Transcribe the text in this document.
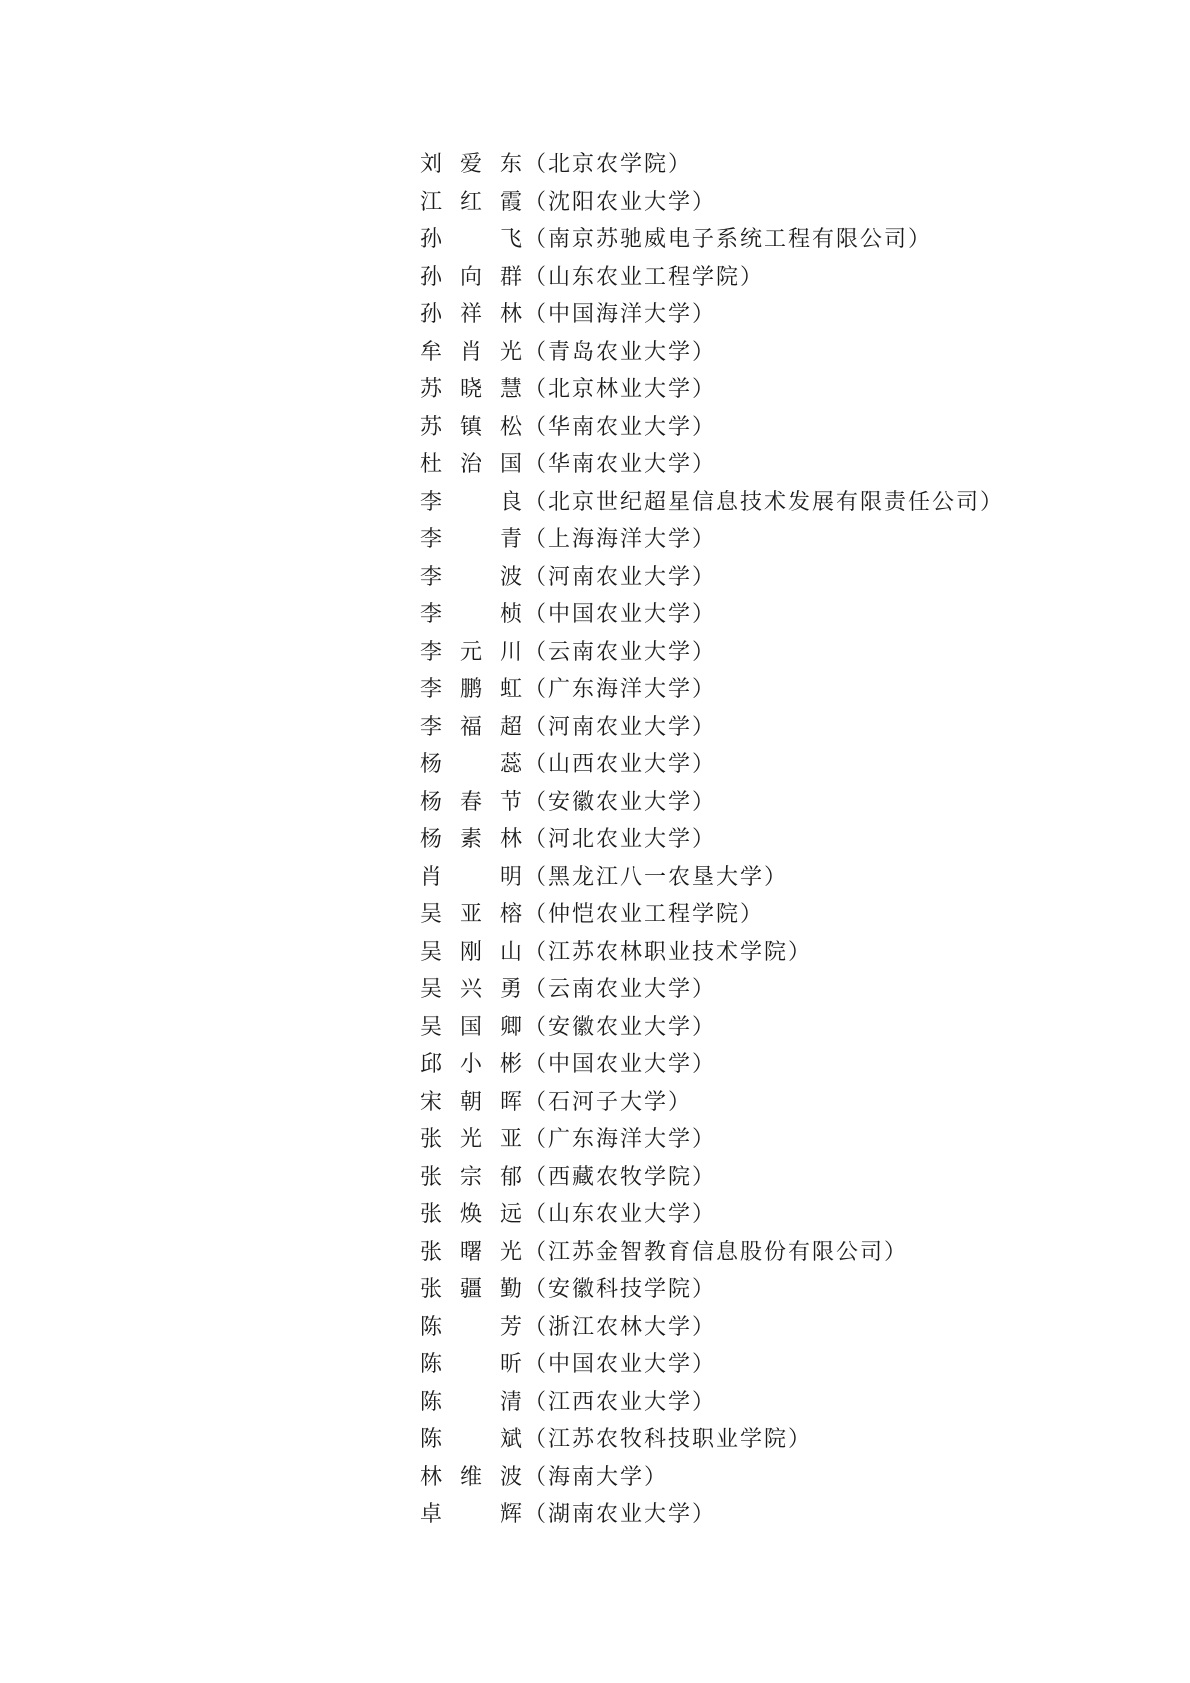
刘爱东（北京农学院）
江红霞（沈阳农业大学）
孙　飞（南京苏驰威电子系统工程有限公司）
孙向群（山东农业工程学院）
孙祥林（中国海洋大学）
牟肖光（青岛农业大学）
苏晓慧（北京林业大学）
苏镇松（华南农业大学）
杜治国（华南农业大学）
李　良（北京世纪超星信息技术发展有限责任公司）
李　青（上海海洋大学）
李　波（河南农业大学）
李　桢（中国农业大学）
李元川（云南农业大学）
李鹏虹（广东海洋大学）
李福超（河南农业大学）
杨　蕊（山西农业大学）
杨春节（安徽农业大学）
杨素林（河北农业大学）
肖　明（黑龙江八一农垦大学）
吴亚榕（仲恺农业工程学院）
吴刚山（江苏农林职业技术学院）
吴兴勇（云南农业大学）
吴国卿（安徽农业大学）
邱小彬（中国农业大学）
宋朝晖（石河子大学）
张光亚（广东海洋大学）
张宗郁（西藏农牧学院）
张焕远（山东农业大学）
张曙光（江苏金智教育信息股份有限公司）
张疆勤（安徽科技学院）
陈　芳（浙江农林大学）
陈　昕（中国农业大学）
陈　清（江西农业大学）
陈　斌（江苏农牧科技职业学院）
林维波（海南大学）
卓　辉（湖南农业大学）
